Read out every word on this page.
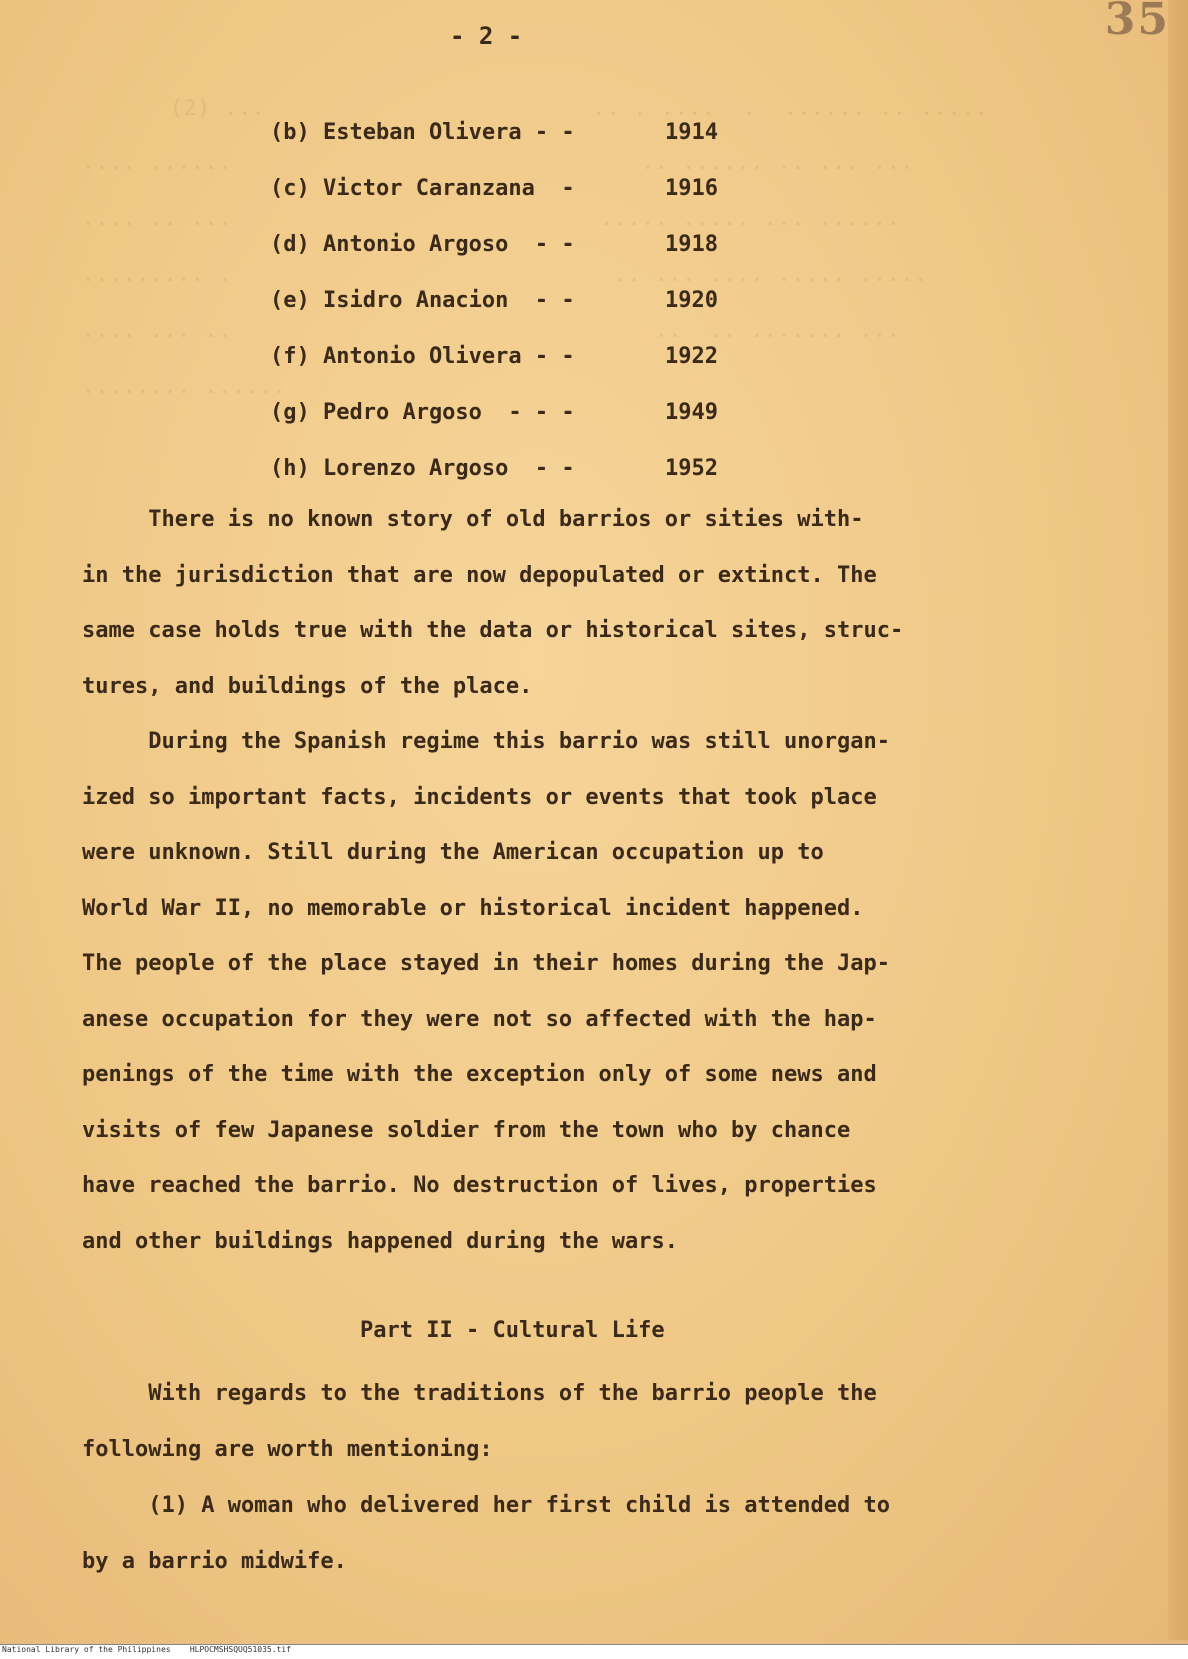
(2) ...                        .. . ....  .  ...... .. .....
.... ......                              .. ...... .. ... ...
.... .. ...                           ..... ..... ... ......
......... .                            .. ... .... ..... .....
.... ... ..                               ..  .. ....... ...
........ ......
- 2 -	35
(b) Esteban Olivera - -	1914
(c) Victor Caranzana  -	1916
(d) Antonio Argoso  - -	1918
(e) Isidro Anacion  - -	1920
(f) Antonio Olivera - -	1922
(g) Pedro Argoso  - - -	1949
(h) Lorenzo Argoso  - -	1952
There is no known story of old barrios or sities with-
in the jurisdiction that are now depopulated or extinct. The
same case holds true with the data or historical sites, struc-
tures, and buildings of the place.
During the Spanish regime this barrio was still unorgan-
ized so important facts, incidents or events that took place
were unknown. Still during the American occupation up to
World War II, no memorable or historical incident happened.
The people of the place stayed in their homes during the Jap-
anese occupation for they were not so affected with the hap-
penings of the time with the exception only of some news and
visits of few Japanese soldier from the town who by chance
have reached the barrio. No destruction of lives, properties
and other buildings happened during the wars.
Part II - Cultural Life
With regards to the traditions of the barrio people the
following are worth mentioning:
(1) A woman who delivered her first child is attended to
by a barrio midwife.
National Library of the Philippines    HLPOCMSHSQUQ51035.tif
